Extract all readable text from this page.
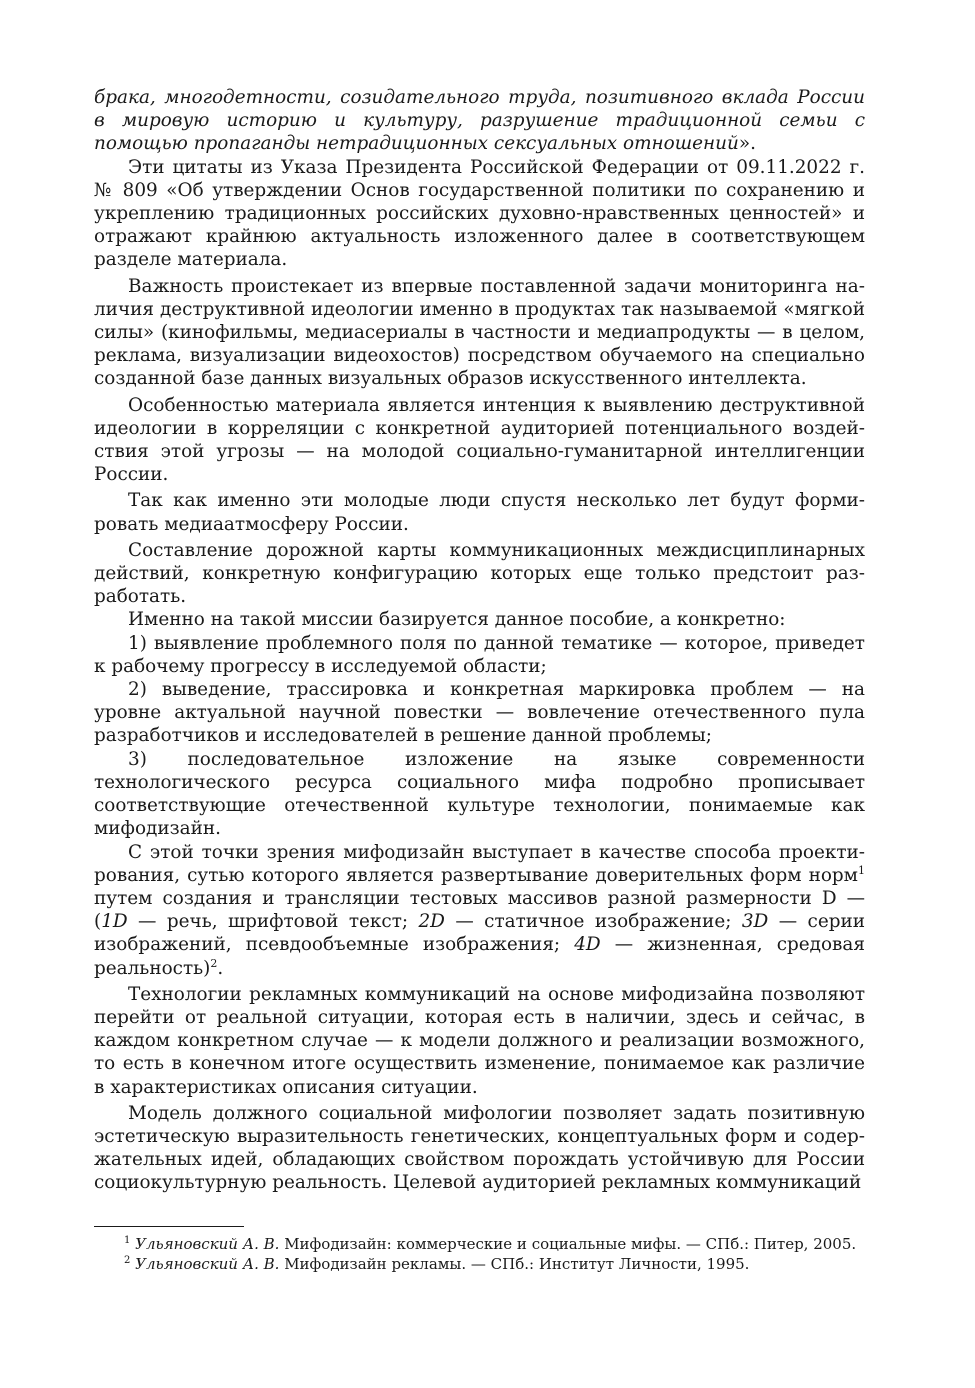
брака, многодетности, созидательного труда, позитивного вклада России в мировую историю и культуру, разрушение традиционной семьи с помощью пропаганды нетрадиционных сексуальных отношений».

Эти цитаты из Указа Президента Российской Федерации от 09.11.2022 г. № 809 «Об утверждении Основ государственной политики по сохранению и укреплению традиционных российских духовно-нравственных ценностей» и отражают крайнюю актуальность изложенного далее в соответствующем разделе материала.

Важность проистекает из впервые поставленной задачи мониторинга наличия деструктивной идеологии именно в продуктах так называемой «мягкой силы» (кинофильмы, медиасериалы в частности и медиапродукты — в целом, реклама, визуализации видеохостов) посредством обучаемого на специально созданной базе данных визуальных образов искусственного интеллекта.

Особенностью материала является интенция к выявлению деструктивной идеологии в корреляции с конкретной аудиторией потенциального воздействия этой угрозы — на молодой социально-гуманитарной интеллигенции России.

Так как именно эти молодые люди спустя несколько лет будут формировать медиаатмосферу России.

Составление дорожной карты коммуникационных междисциплинарных действий, конкретную конфигурацию которых еще только предстоит разработать.

Именно на такой миссии базируется данное пособие, а конкретно:

1) выявление проблемного поля по данной тематике — которое, приведет к рабочему прогрессу в исследуемой области;

2) выведение, трассировка и конкретная маркировка проблем — на уровне актуальной научной повестки — вовлечение отечественного пула разработчиков и исследователей в решение данной проблемы;

3) последовательное изложение на языке современности технологического ресурса социального мифа подробно прописывает соответствующие отечественной культуре технологии, понимаемые как мифодизайн.

С этой точки зрения мифодизайн выступает в качестве способа проектирования, сутью которого является развертывание доверительных форм норм$^1$ путем создания и трансляции тестовых массивов разной размерности D — (1D — речь, шрифтовой текст; 2D — статичное изображение; 3D — серии изображений, псевдообъемные изображения; 4D — жизненная, средовая реальность)$^2$.

Технологии рекламных коммуникаций на основе мифодизайна позволяют перейти от реальной ситуации, которая есть в наличии, здесь и сейчас, в каждом конкретном случае — к модели должного и реализации возможного, то есть в конечном итоге осуществить изменение, понимаемое как различие в характеристиках описания ситуации.

Модель должного социальной мифологии позволяет задать позитивную эстетическую выразительность генетических, концептуальных форм и содержательных идей, обладающих свойством порождать устойчивую для России социокультурную реальность. Целевой аудиторией рекламных коммуникаций

$^1$ Ульяновский А. В. Мифодизайн: коммерческие и социальные мифы. — СПб.: Питер, 2005.

$^2$ Ульяновский А. В. Мифодизайн рекламы. — СПб.: Институт Личности, 1995.
